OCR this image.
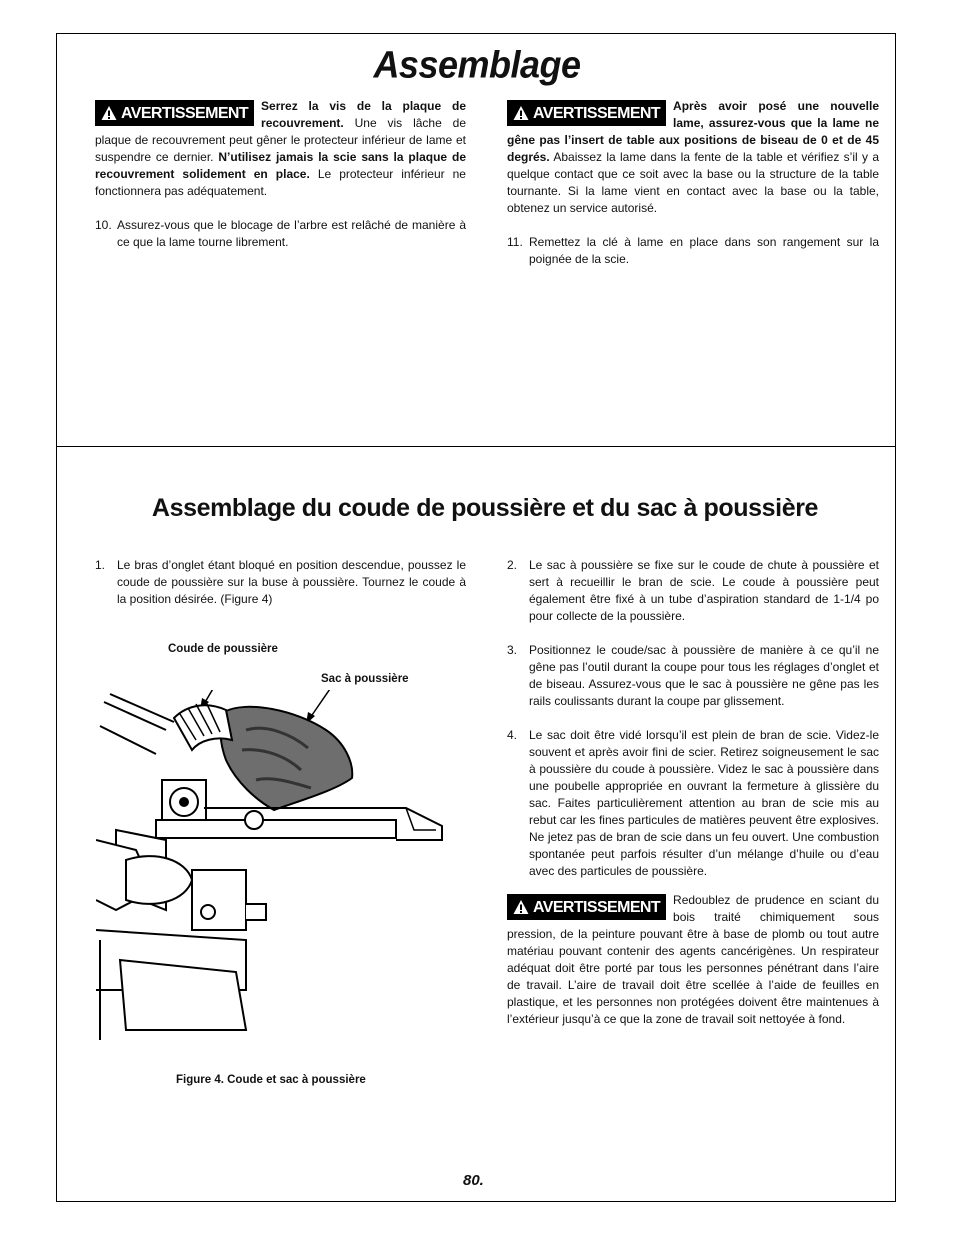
Assemblage

AVERTISSEMENT Serrez la vis de la plaque de recouvrement. Une vis lâche de plaque de recouvrement peut gêner le protecteur inférieur de lame et suspendre ce dernier. N’utilisez jamais la scie sans la plaque de recouvrement solidement en place. Le protecteur inférieur ne fonctionnera pas adéquatement.

10. Assurez-vous que le blocage de l’arbre est relâché de manière à ce que la lame tourne librement.

AVERTISSEMENT Après avoir posé une nouvelle lame, assurez-vous que la lame ne gêne pas l’insert de table aux positions de biseau de 0 et de 45 degrés. Abaissez la lame dans la fente de la table et vérifiez s’il y a quelque contact que ce soit avec la base ou la structure de la table tournante. Si la lame vient en contact avec la base ou la table, obtenez un service autorisé.

11. Remettez la clé à lame en place dans son rangement sur la poignée de la scie.
Assemblage du coude de poussière et du sac à poussière
1. Le bras d’onglet étant bloqué en position descendue, poussez le coude de poussière sur la buse à poussière. Tournez le coude à la position désirée. (Figure 4)
Coude de poussière
Sac à poussière
Figure 4. Coude et sac à poussière
2. Le sac à poussière se fixe sur le coude de chute à poussière et sert à recueillir le bran de scie. Le coude à poussière peut également être fixé à un tube d’aspiration standard de 1-1/4 po pour collecte de la poussière.
3. Positionnez le coude/sac à poussière de manière à ce qu’il ne gêne pas l’outil durant la coupe pour tous les réglages d’onglet et de biseau. Assurez-vous que le sac à poussière ne gêne pas les rails coulissants durant la coupe par glissement.
4. Le sac doit être vidé lorsqu’il est plein de bran de scie. Videz-le souvent et après avoir fini de scier. Retirez soigneusement le sac à poussière du coude à poussière. Videz le sac à poussière dans une poubelle appropriée en ouvrant la fermeture à glissière du sac. Faites particulièrement attention au bran de scie mis au rebut car les fines particules de matières peuvent être explosives. Ne jetez pas de bran de scie dans un feu ouvert. Une combustion spontanée peut parfois résulter d’un mélange d’huile ou d’eau avec des particules de poussière.

AVERTISSEMENT Redoublez de prudence en sciant du bois traité chimiquement sous pression, de la peinture pouvant être à base de plomb ou tout autre matériau pouvant contenir des agents cancérigènes. Un respirateur adéquat doit être porté par tous les personnes pénétrant dans l’aire de travail. L’aire de travail doit être scellée à l’aide de feuilles en plastique, et les personnes non protégées doivent être maintenues à l’extérieur jusqu’à ce que la zone de travail soit nettoyée à fond.

80.
